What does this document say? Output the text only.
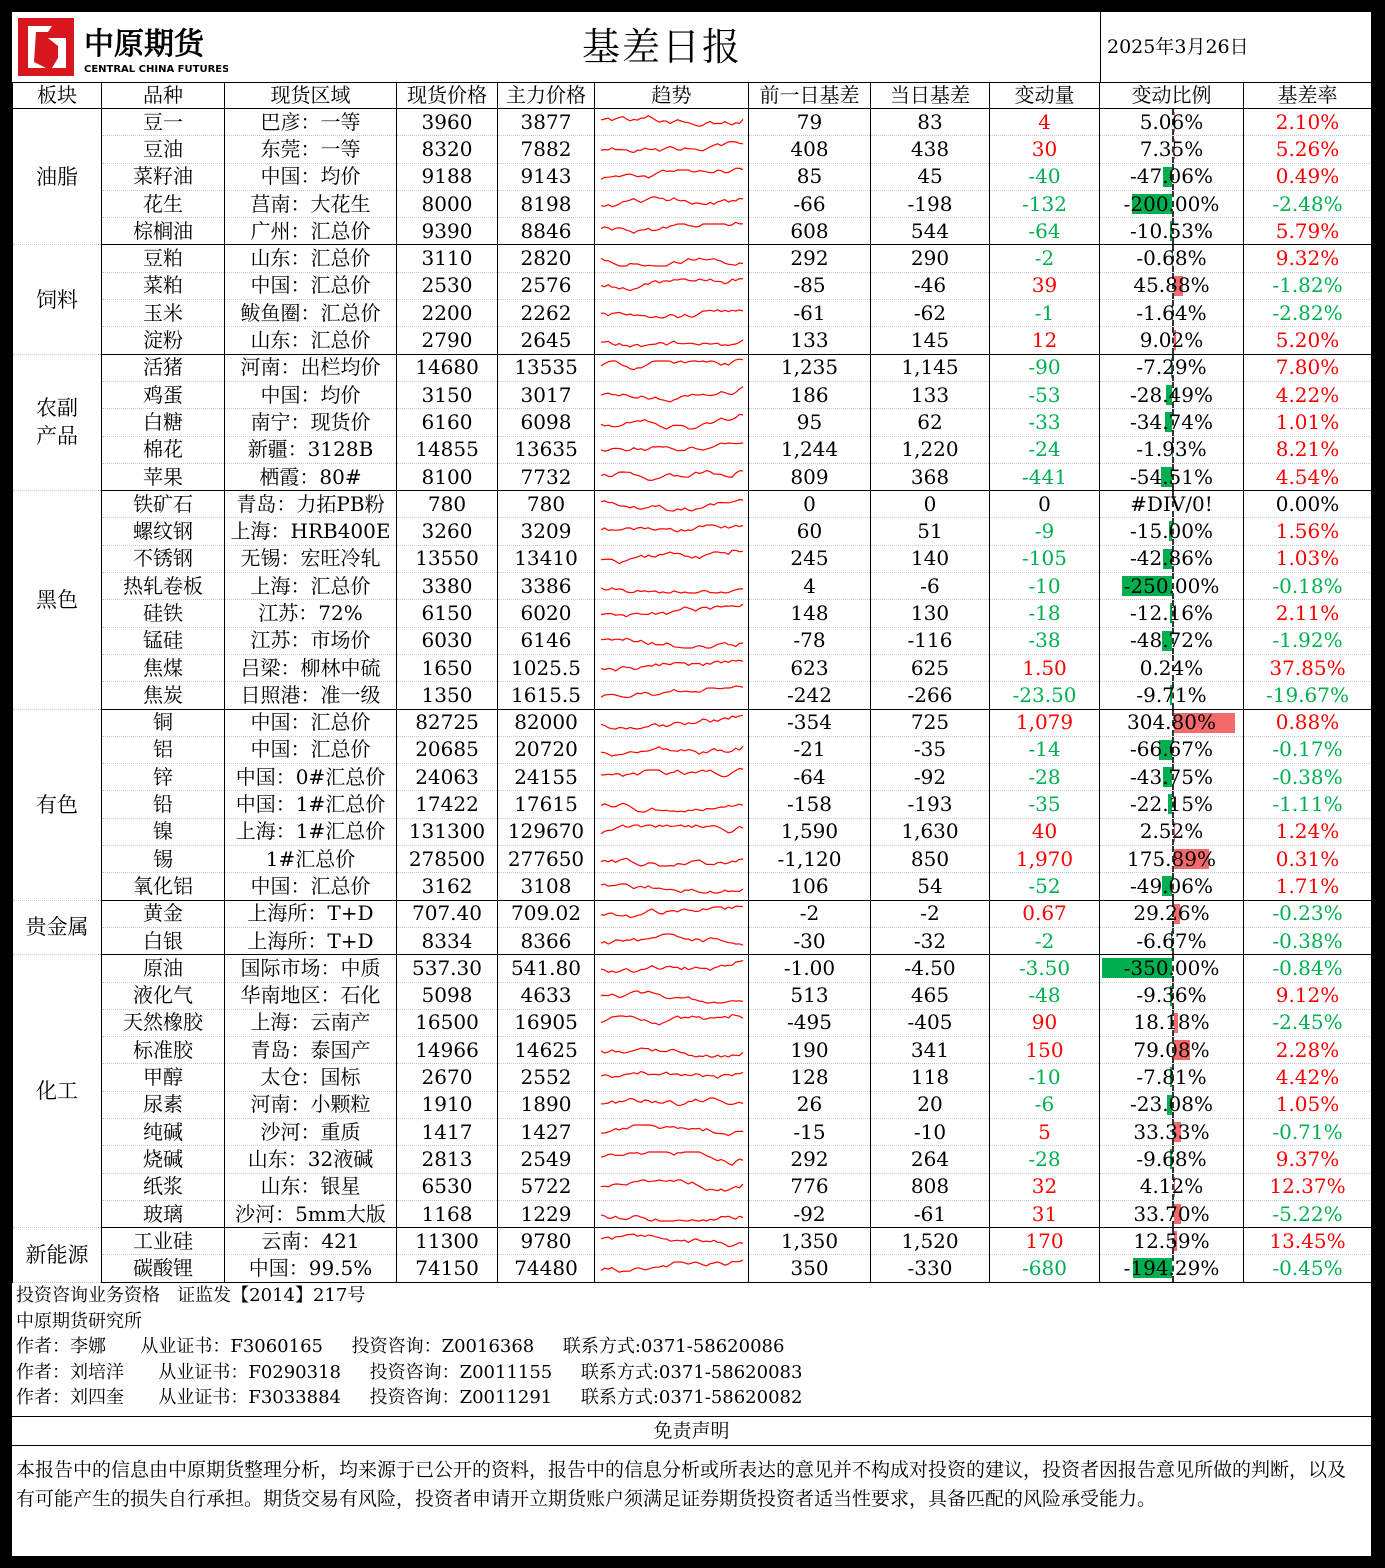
中原期货
CENTRAL CHINA FUTURES
基差日报	2025年3月26日
板块	品种	现货区域	现货价格	主力价格	趋势	前一日基差	当日基差	变动量	变动比例	基差率
油脂	豆一	巴彦：一等	3960	3877		79	83	4	5.06%	2.10%
	豆油	东莞：一等	8320	7882		408	438	30	7.35%	5.26%
	菜籽油	中国：均价	9188	9143		85	45	-40	-47.06%	0.49%
	花生	莒南：大花生	8000	8198		-66	-198	-132	-200.00%	-2.48%
	棕榈油	广州：汇总价	9390	8846		608	544	-64	-10.53%	5.79%
饲料	豆粕	山东：汇总价	3110	2820		292	290	-2	-0.68%	9.32%
	菜粕	中国：汇总价	2530	2576		-85	-46	39	45.88%	-1.82%
	玉米	鲅鱼圈：汇总价	2200	2262		-61	-62	-1	-1.64%	-2.82%
	淀粉	山东：汇总价	2790	2645		133	145	12	9.02%	5.20%
农副产品	活猪	河南：出栏均价	14680	13535		1,235	1,145	-90	-7.29%	7.80%
	鸡蛋	中国：均价	3150	3017		186	133	-53	-28.49%	4.22%
	白糖	南宁：现货价	6160	6098		95	62	-33	-34.74%	1.01%
	棉花	新疆：3128B	14855	13635		1,244	1,220	-24	-1.93%	8.21%
	苹果	栖霞：80#	8100	7732		809	368	-441	-54.51%	4.54%
黑色	铁矿石	青岛：力拓PB粉	780	780		0	0	0	#DIV/0!	0.00%
	螺纹钢	上海：HRB400E	3260	3209		60	51	-9	-15.00%	1.56%
	不锈钢	无锡：宏旺冷轧	13550	13410		245	140	-105	-42.86%	1.03%
	热轧卷板	上海：汇总价	3380	3386		4	-6	-10	-250.00%	-0.18%
	硅铁	江苏：72%	6150	6020		148	130	-18	-12.16%	2.11%
	锰硅	江苏：市场价	6030	6146		-78	-116	-38	-48.72%	-1.92%
	焦煤	吕梁：柳林中硫	1650	1025.5		623	625	1.50	0.24%	37.85%
	焦炭	日照港：准一级	1350	1615.5		-242	-266	-23.50	-9.71%	-19.67%
有色	铜	中国：汇总价	82725	82000		-354	725	1,079	304.80%	0.88%
	铝	中国：汇总价	20685	20720		-21	-35	-14	-66.67%	-0.17%
	锌	中国：0#汇总价	24063	24155		-64	-92	-28	-43.75%	-0.38%
	铅	中国：1#汇总价	17422	17615		-158	-193	-35	-22.15%	-1.11%
	镍	上海：1#汇总价	131300	129670		1,590	1,630	40	2.52%	1.24%
	锡	1#汇总价	278500	277650		-1,120	850	1,970	175.89%	0.31%
	氧化铝	中国：汇总价	3162	3108		106	54	-52	-49.06%	1.71%
贵金属	黄金	上海所：T+D	707.40	709.02		-2	-2	0.67	29.26%	-0.23%
	白银	上海所：T+D	8334	8366		-30	-32	-2	-6.67%	-0.38%
化工	原油	国际市场：中质	537.30	541.80		-1.00	-4.50	-3.50	-350.00%	-0.84%
	液化气	华南地区：石化	5098	4633		513	465	-48	-9.36%	9.12%
	天然橡胶	上海：云南产	16500	16905		-495	-405	90	18.18%	-2.45%
	标准胶	青岛：泰国产	14966	14625		190	341	150	79.08%	2.28%
	甲醇	太仓：国标	2670	2552		128	118	-10	-7.81%	4.42%
	尿素	河南：小颗粒	1910	1890		26	20	-6	-23.08%	1.05%
	纯碱	沙河：重质	1417	1427		-15	-10	5	33.33%	-0.71%
	烧碱	山东：32液碱	2813	2549		292	264	-28	-9.68%	9.37%
	纸浆	山东：银星	6530	5722		776	808	32	4.12%	12.37%
	玻璃	沙河：5mm大版	1168	1229		-92	-61	31	33.70%	-5.22%
新能源	工业硅	云南：421	11300	9780		1,350	1,520	170	12.59%	13.45%
	碳酸锂	中国：99.5%	74150	74480		350	-330	-680	-194.29%	-0.45%
投资咨询业务资格   证监发【2014】217号
中原期货研究所
作者：李娜      从业证书：F3060165     投资咨询：Z0016368     联系方式:0371-58620086
作者：刘培洋      从业证书：F0290318     投资咨询：Z0011155     联系方式:0371-58620083
作者：刘四奎      从业证书：F3033884     投资咨询：Z0011291     联系方式:0371-58620082
免责声明
本报告中的信息由中原期货整理分析，均来源于已公开的资料，报告中的信息分析或所表达的意见并不构成对投资的建议，投资者因报告意见所做的判断，以及有可能产生的损失自行承担。期货交易有风险，投资者申请开立期货账户须满足证券期货投资者适当性要求，具备匹配的风险承受能力。
